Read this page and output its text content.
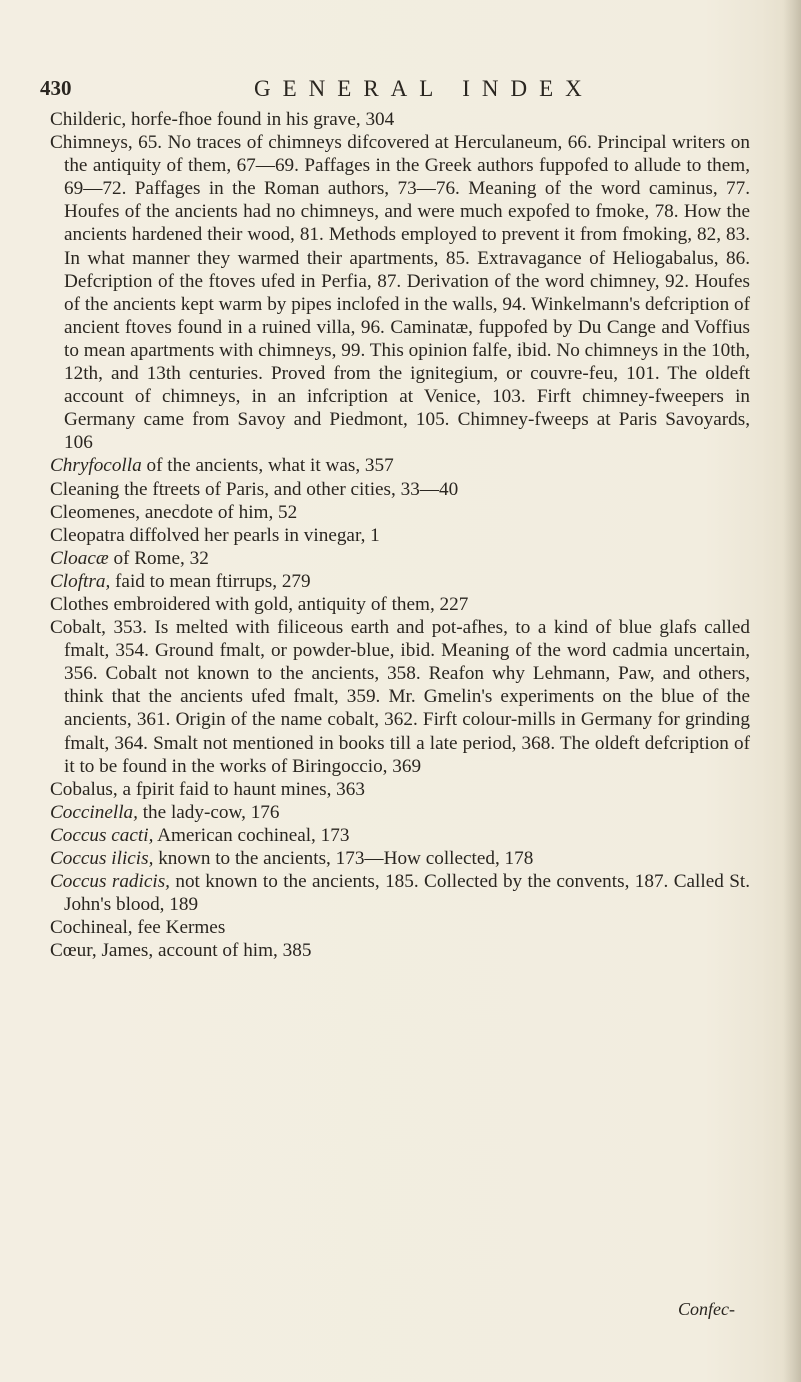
430	GENERAL INDEX

Childeric, horfe-fhoe found in his grave, 304

Chimneys, 65. No traces of chimneys difcovered at Herculaneum, 66. Principal writers on the antiquity of them, 67—69. Paffages in the Greek authors fuppofed to allude to them, 69—72. Paffages in the Roman authors, 73—76. Meaning of the word caminus, 77. Houfes of the ancients had no chimneys, and were much expofed to fmoke, 78. How the ancients hardened their wood, 81. Methods employed to prevent it from fmoking, 82, 83. In what manner they warmed their apartments, 85. Extravagance of Heliogabalus, 86. Defcription of the ftoves ufed in Perfia, 87. Derivation of the word chimney, 92. Houfes of the ancients kept warm by pipes inclofed in the walls, 94. Winkelmann's defcription of ancient ftoves found in a ruined villa, 96. Caminatæ, fuppofed by Du Cange and Voffius to mean apartments with chimneys, 99. This opinion falfe, ibid. No chimneys in the 10th, 12th, and 13th centuries. Proved from the ignitegium, or couvre-feu, 101. The oldeft account of chimneys, in an infcription at Venice, 103. Firft chimney-fweepers in Germany came from Savoy and Piedmont, 105. Chimney-fweeps at Paris Savoyards, 106

Chryfocolla of the ancients, what it was, 357

Cleaning the ftreets of Paris, and other cities, 33—40

Cleomenes, anecdote of him, 52

Cleopatra diffolved her pearls in vinegar, 1

Cloacæ of Rome, 32

Cloftra, faid to mean ftirrups, 279

Clothes embroidered with gold, antiquity of them, 227

Cobalt, 353. Is melted with filiceous earth and pot-afhes, to a kind of blue glafs called fmalt, 354. Ground fmalt, or powder-blue, ibid. Meaning of the word cadmia uncertain, 356. Cobalt not known to the ancients, 358. Reafon why Lehmann, Paw, and others, think that the ancients ufed fmalt, 359. Mr. Gmelin's experiments on the blue of the ancients, 361. Origin of the name cobalt, 362. Firft colour-mills in Germany for grinding fmalt, 364. Smalt not mentioned in books till a late period, 368. The oldeft defcription of it to be found in the works of Biringoccio, 369

Cobalus, a fpirit faid to haunt mines, 363

Coccinella, the lady-cow, 176

Coccus cacti, American cochineal, 173

Coccus ilicis, known to the ancients, 173—How collected, 178

Coccus radicis, not known to the ancients, 185. Collected by the convents, 187. Called St. John's blood, 189

Cochineal, fee Kermes

Cœur, James, account of him, 385

Confec-
